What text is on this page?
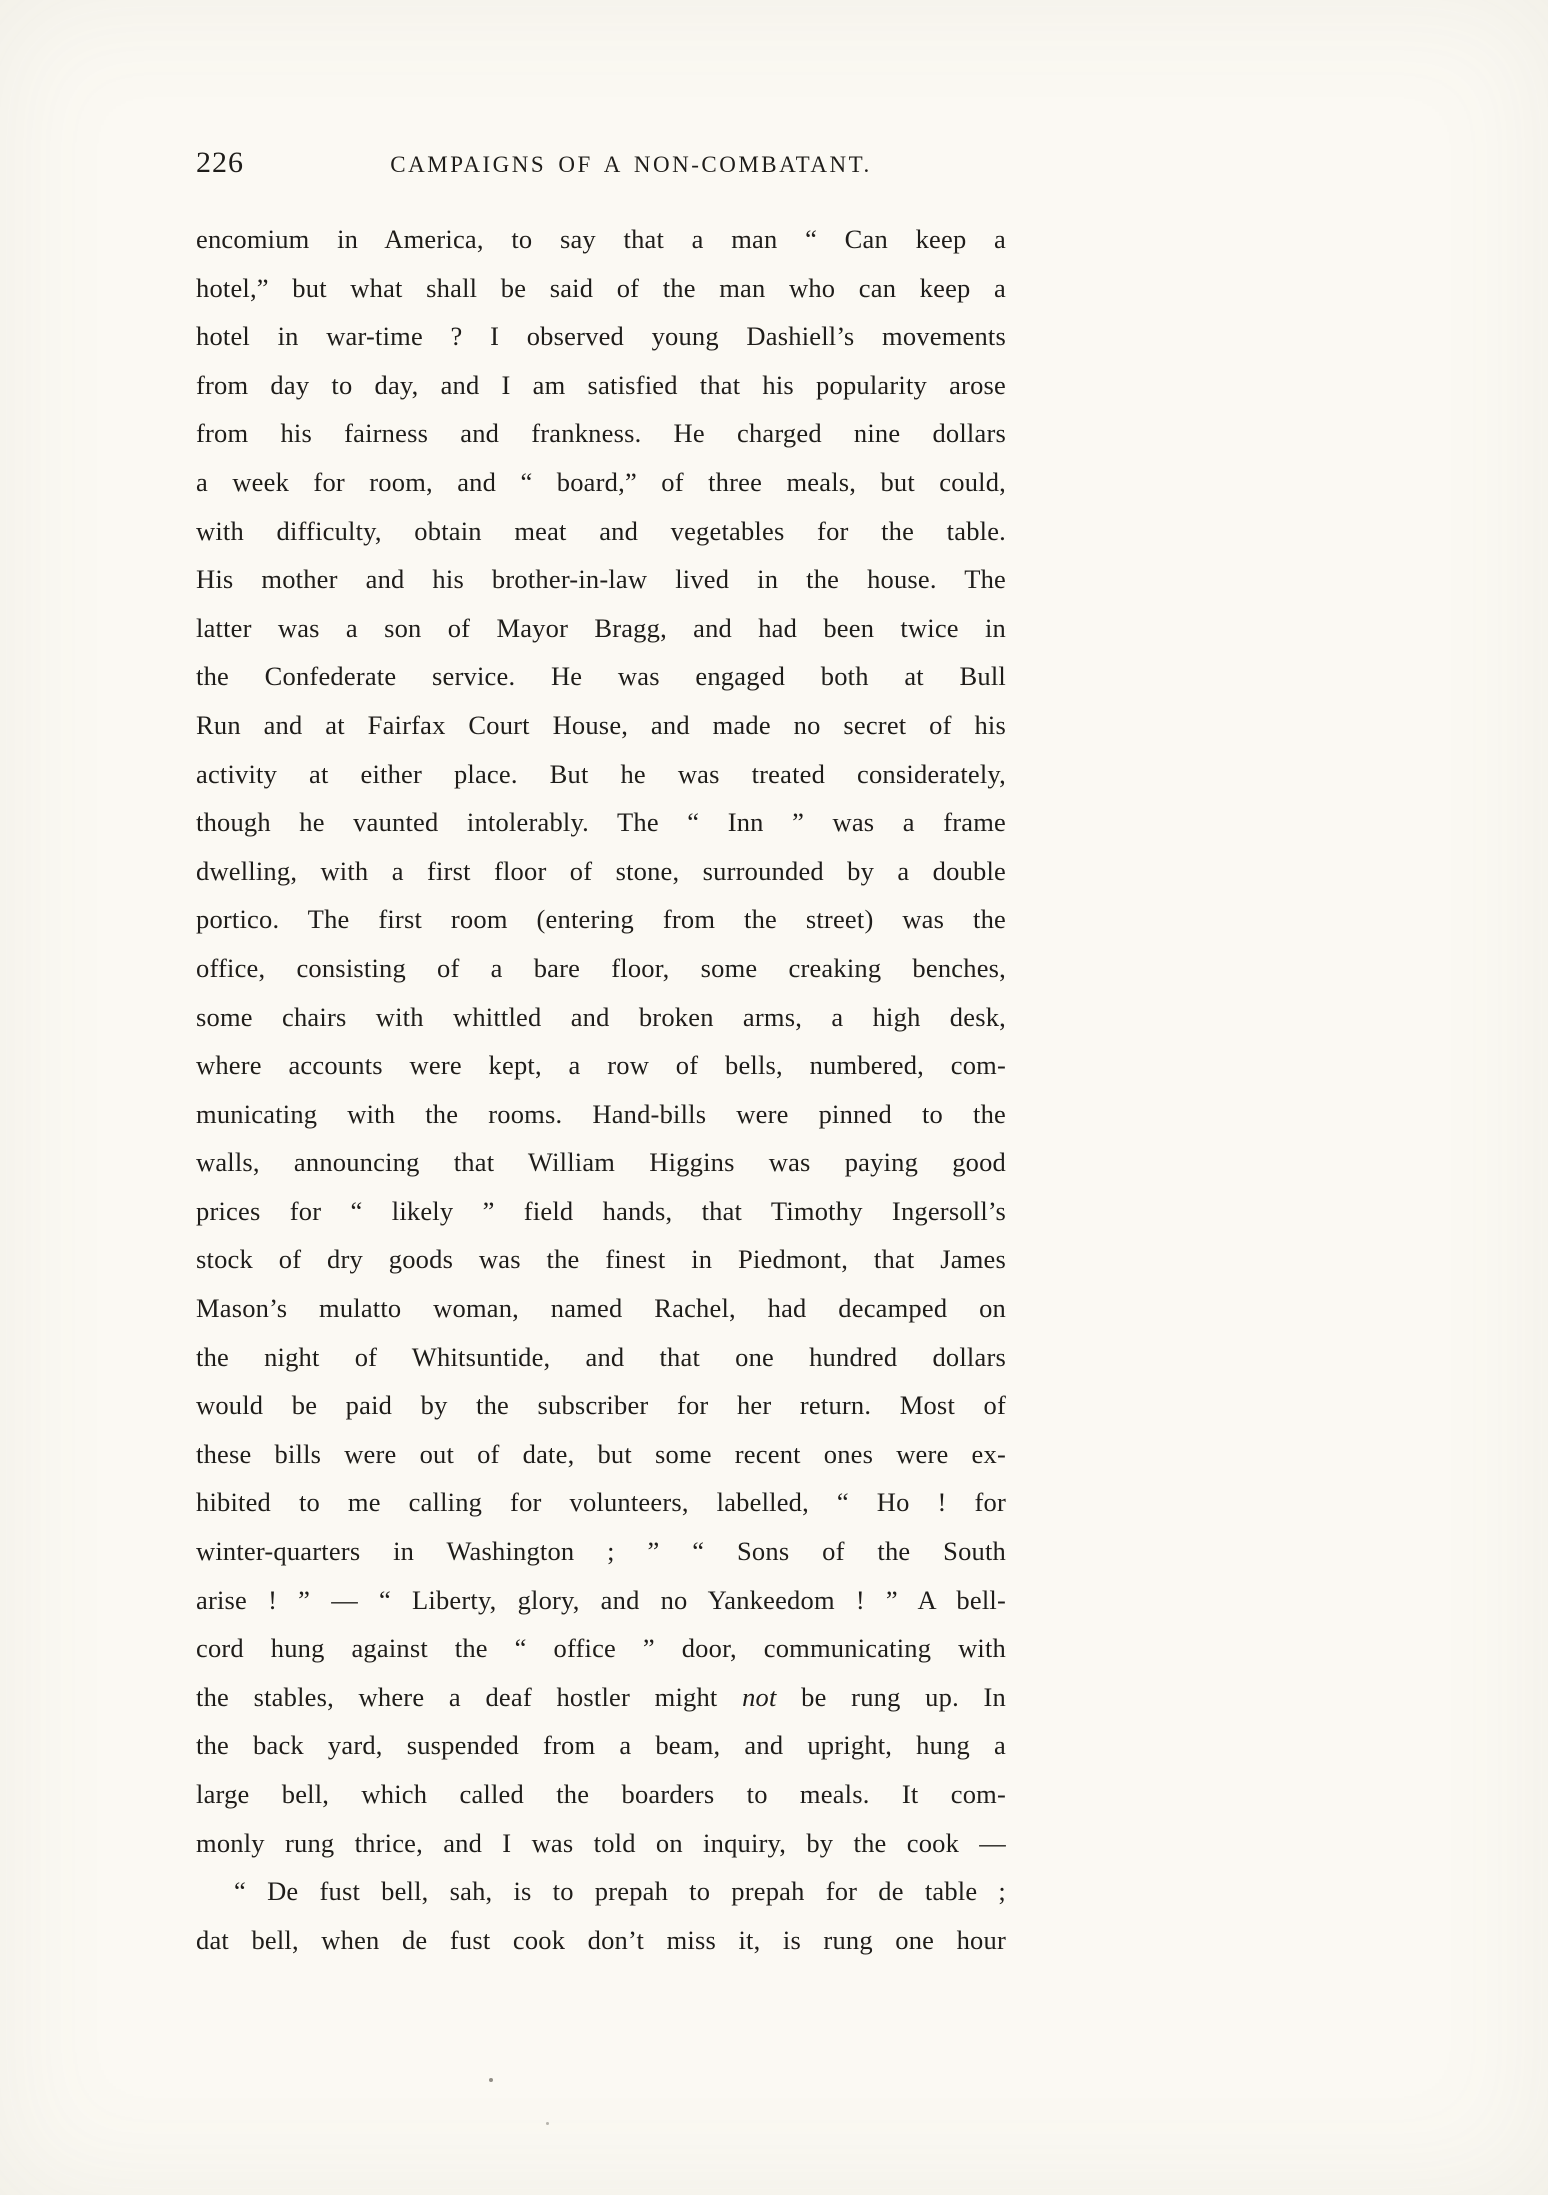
226	CAMPAIGNS OF A NON-COMBATANT.
encomium in America, to say that a man “ Can keep a
hotel,” but what shall be said of the man who can keep a
hotel in war-time ? I observed young Dashiell’s movements
from day to day, and I am satisfied that his popularity arose
from his fairness and frankness. He charged nine dollars
a week for room, and “ board,” of three meals, but could,
with difficulty, obtain meat and vegetables for the table.
His mother and his brother-in-law lived in the house. The
latter was a son of Mayor Bragg, and had been twice in
the Confederate service. He was engaged both at Bull
Run and at Fairfax Court House, and made no secret of his
activity at either place. But he was treated considerately,
though he vaunted intolerably. The “ Inn ” was a frame
dwelling, with a first floor of stone, surrounded by a double
portico. The first room (entering from the street) was the
office, consisting of a bare floor, some creaking benches,
some chairs with whittled and broken arms, a high desk,
where accounts were kept, a row of bells, numbered, com-
municating with the rooms. Hand-bills were pinned to the
walls, announcing that William Higgins was paying good
prices for “ likely ” field hands, that Timothy Ingersoll’s
stock of dry goods was the finest in Piedmont, that James
Mason’s mulatto woman, named Rachel, had decamped on
the night of Whitsuntide, and that one hundred dollars
would be paid by the subscriber for her return. Most of
these bills were out of date, but some recent ones were ex-
hibited to me calling for volunteers, labelled, “ Ho ! for
winter-quarters in Washington ; ” “ Sons of the South
arise ! ” — “ Liberty, glory, and no Yankeedom ! ” A bell-
cord hung against the “ office ” door, communicating with
the stables, where a deaf hostler might not be rung up. In
the back yard, suspended from a beam, and upright, hung a
large bell, which called the boarders to meals. It com-
monly rung thrice, and I was told on inquiry, by the cook —
“ De fust bell, sah, is to prepah to prepah for de table ;
dat bell, when de fust cook don’t miss it, is rung one hour
